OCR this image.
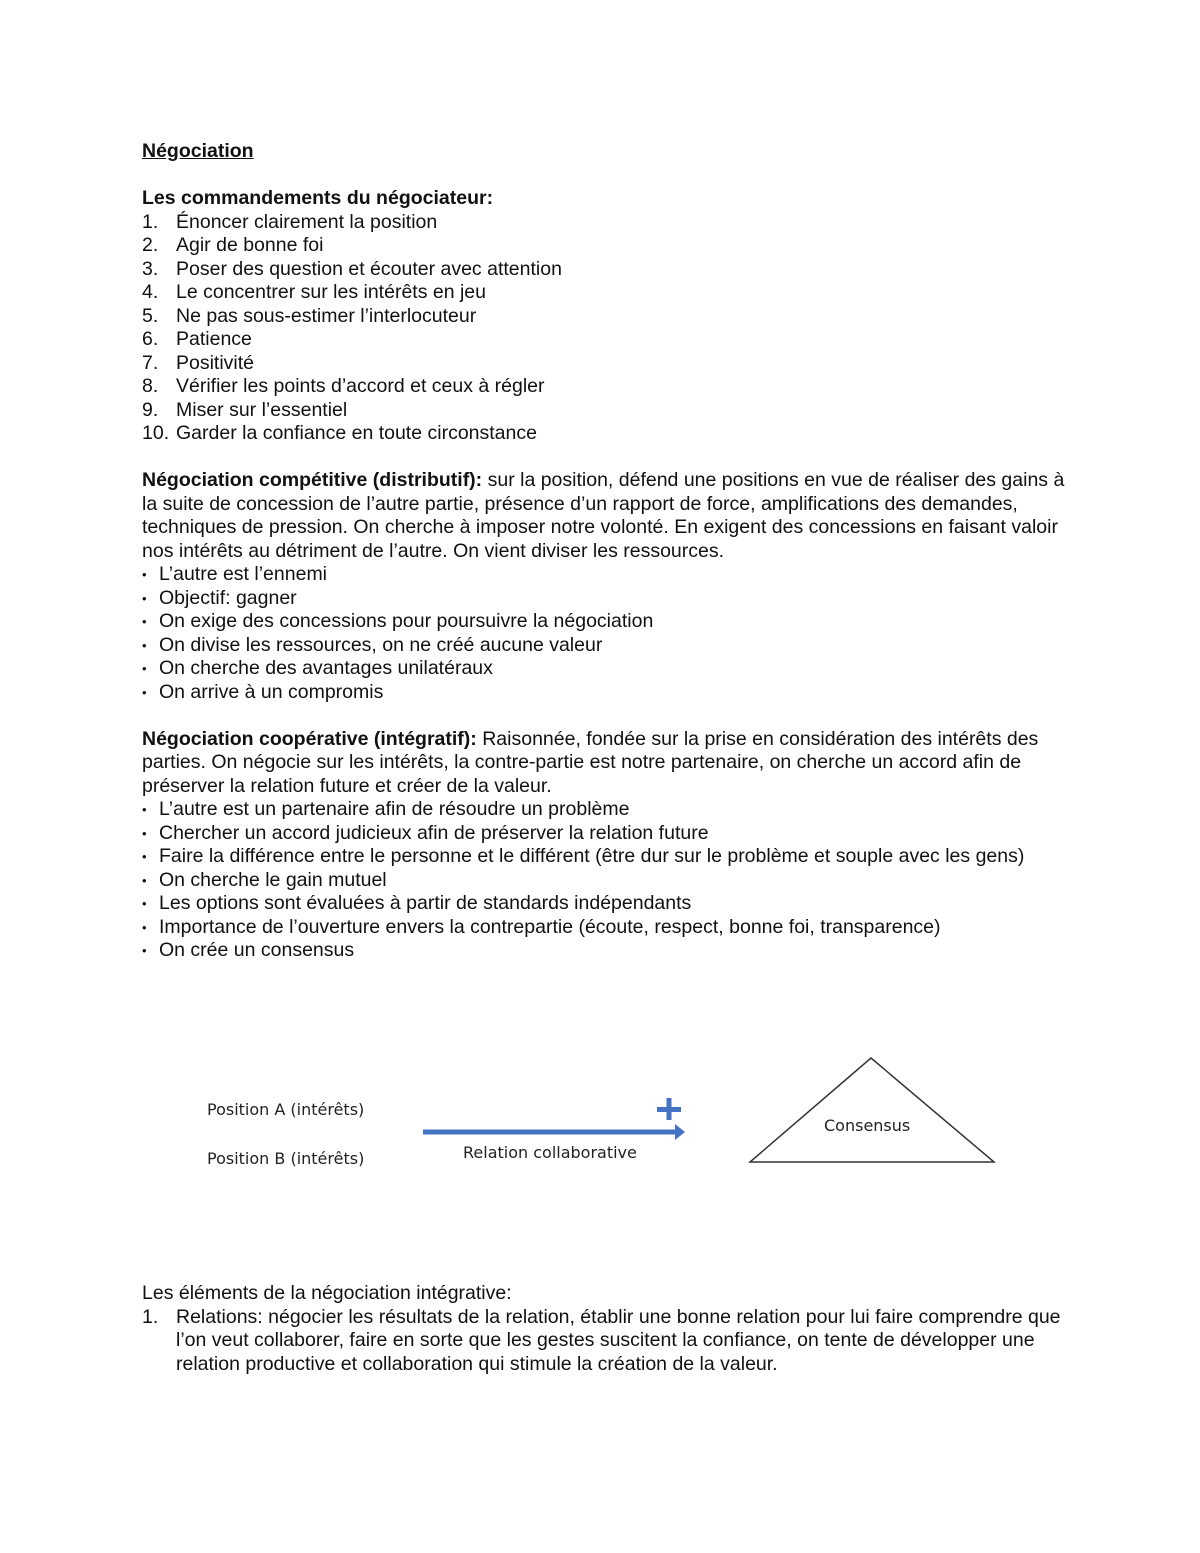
Négociation

Les commandements du négociateur:

1. Énoncer clairement la position
2. Agir de bonne foi
3. Poser des question et écouter avec attention
4. Le concentrer sur les intérêts en jeu
5. Ne pas sous-estimer l’interlocuteur
6. Patience
7. Positivité
8. Vérifier les points d’accord et ceux à régler
9. Miser sur l’essentiel
10. Garder la confiance en toute circonstance

Négociation compétitive (distributif): sur la position, défend une positions en vue de réaliser des gains à la suite de concession de l’autre partie, présence d’un rapport de force, amplifications des demandes, techniques de pression. On cherche à imposer notre volonté. En exigent des concessions en faisant valoir nos intérêts au détriment de l’autre. On vient diviser les ressources.

• L’autre est l’ennemi
• Objectif: gagner
• On exige des concessions pour poursuivre la négociation
• On divise les ressources, on ne créé aucune valeur
• On cherche des avantages unilatéraux
• On arrive à un compromis

Négociation coopérative (intégratif): Raisonnée, fondée sur la prise en considération des intérêts des parties. On négocie sur les intérêts, la contre-partie est notre partenaire, on cherche un accord afin de préserver la relation future et créer de la valeur.

• L’autre est un partenaire afin de résoudre un problème
• Chercher un accord judicieux afin de préserver la relation future
• Faire la différence entre le personne et le différent (être dur sur le problème et souple avec les gens)
• On cherche le gain mutuel
• Les options sont évaluées à partir de standards indépendants
• Importance de l’ouverture envers la contrepartie (écoute, respect, bonne foi, transparence)
• On crée un consensus
Position A (intérêts)
Position B (intérêts)	Relation collaborative
Consensus

Les éléments de la négociation intégrative:

1. Relations: négocier les résultats de la relation, établir une bonne relation pour lui faire comprendre que l’on veut collaborer, faire en sorte que les gestes suscitent la confiance, on tente de développer une relation productive et collaboration qui stimule la création de la valeur.
